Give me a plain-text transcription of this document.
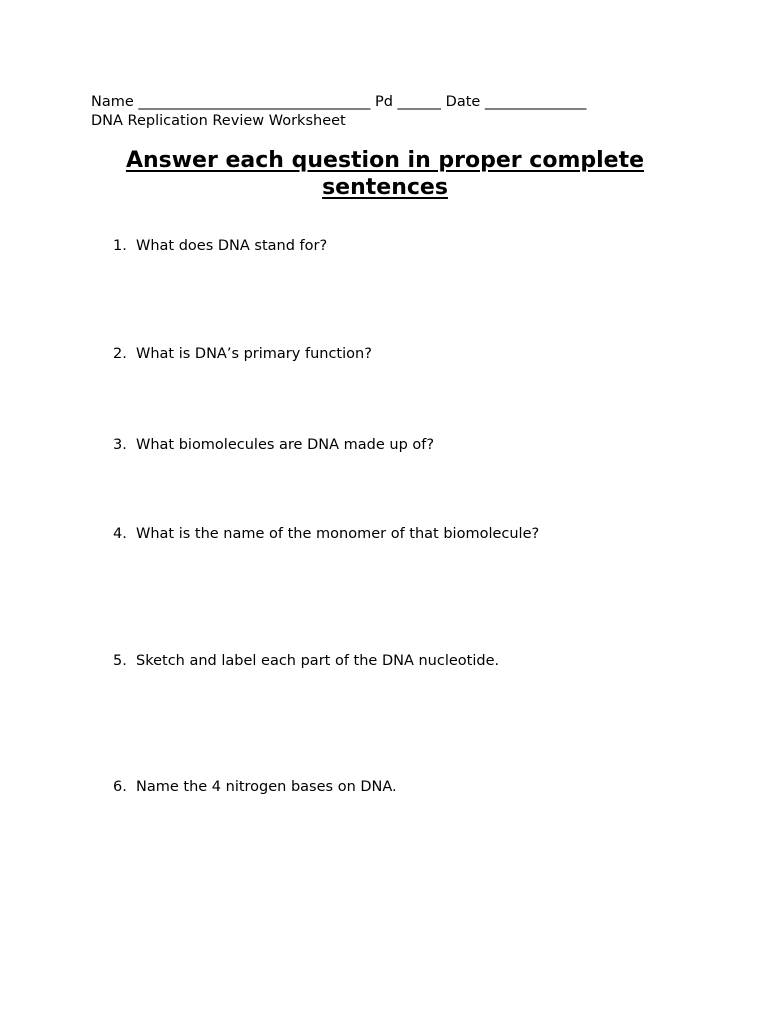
Name ________________________________ Pd ______ Date ______________
DNA Replication Review Worksheet
Answer each question in proper complete
sentences
1. What does DNA stand for?
2. What is DNA’s primary function?
3. What biomolecules are DNA made up of?
4. What is the name of the monomer of that biomolecule?
5. Sketch and label each part of the DNA nucleotide.
6. Name the 4 nitrogen bases on DNA.
